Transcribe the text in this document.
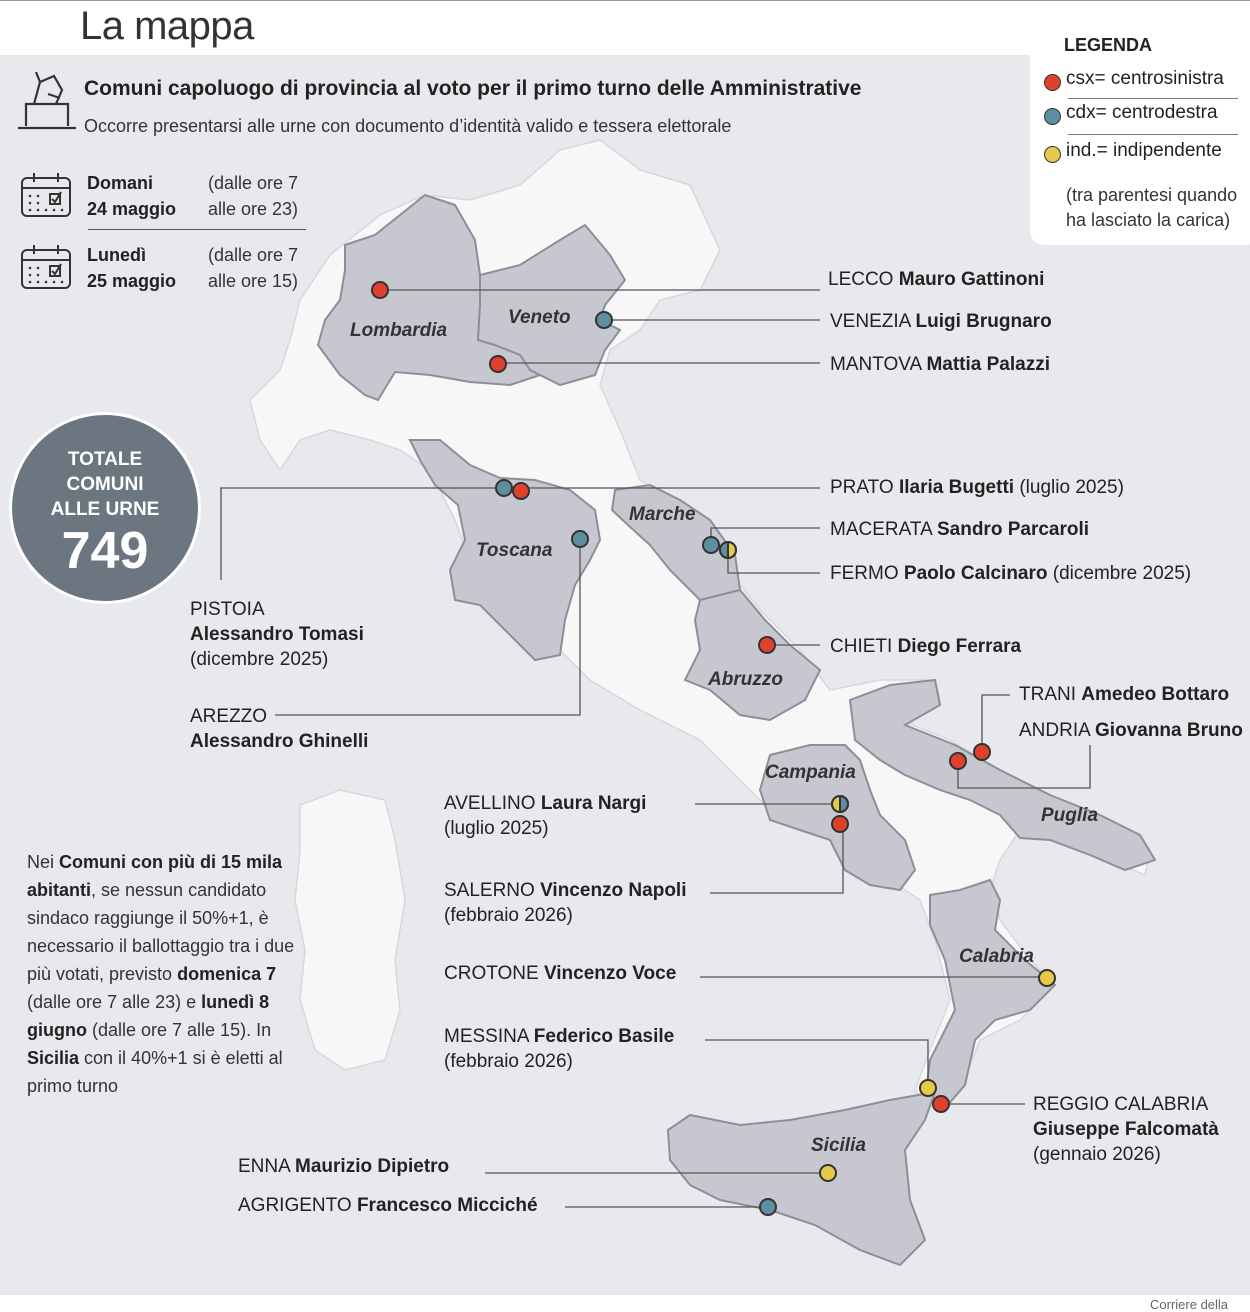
La mappa
Comuni capoluogo di provincia al voto per il primo turno delle Amministrative
Occorre presentarsi alle urne con documento d’identità valido e tessera elettorale
Domani
24 maggio
(dalle ore 7
alle ore 23)
Lunedì
25 maggio
(dalle ore 7
alle ore 15)
LEGENDA
csx= centrosinistra
cdx= centrodestra
ind.= indipendente
(tra parentesi quando
ha lasciato la carica)
TOTALE
COMUNI
ALLE URNE
749
Lombardia
Veneto
Toscana
Marche
Abruzzo
Campania
Puglia
Calabria
Sicilia
LECCO Mauro Gattinoni
VENEZIA Luigi Brugnaro
MANTOVA Mattia Palazzi
PRATO Ilaria Bugetti (luglio 2025)
MACERATA Sandro Parcaroli
FERMO Paolo Calcinaro (dicembre 2025)
CHIETI Diego Ferrara
PISTOIA
Alessandro Tomasi
(dicembre 2025)
AREZZO
Alessandro Ghinelli
TRANI Amedeo Bottaro
ANDRIA Giovanna Bruno
AVELLINO Laura Nargi
(luglio 2025)
SALERNO Vincenzo Napoli
(febbraio 2026)
CROTONE Vincenzo Voce
MESSINA Federico Basile
(febbraio 2026)
REGGIO CALABRIA
Giuseppe Falcomatà
(gennaio 2026)
ENNA Maurizio Dipietro
AGRIGENTO Francesco Micciché
Nei Comuni con più di 15 mila abitanti, se nessun candidato sindaco raggiunge il 50%+1, è necessario il ballottaggio tra i due più votati, previsto domenica 7 (dalle ore 7 alle 23) e lunedì 8 giugno (dalle ore 7 alle 15). In Sicilia con il 40%+1 si è eletti al primo turno
Corriere della
